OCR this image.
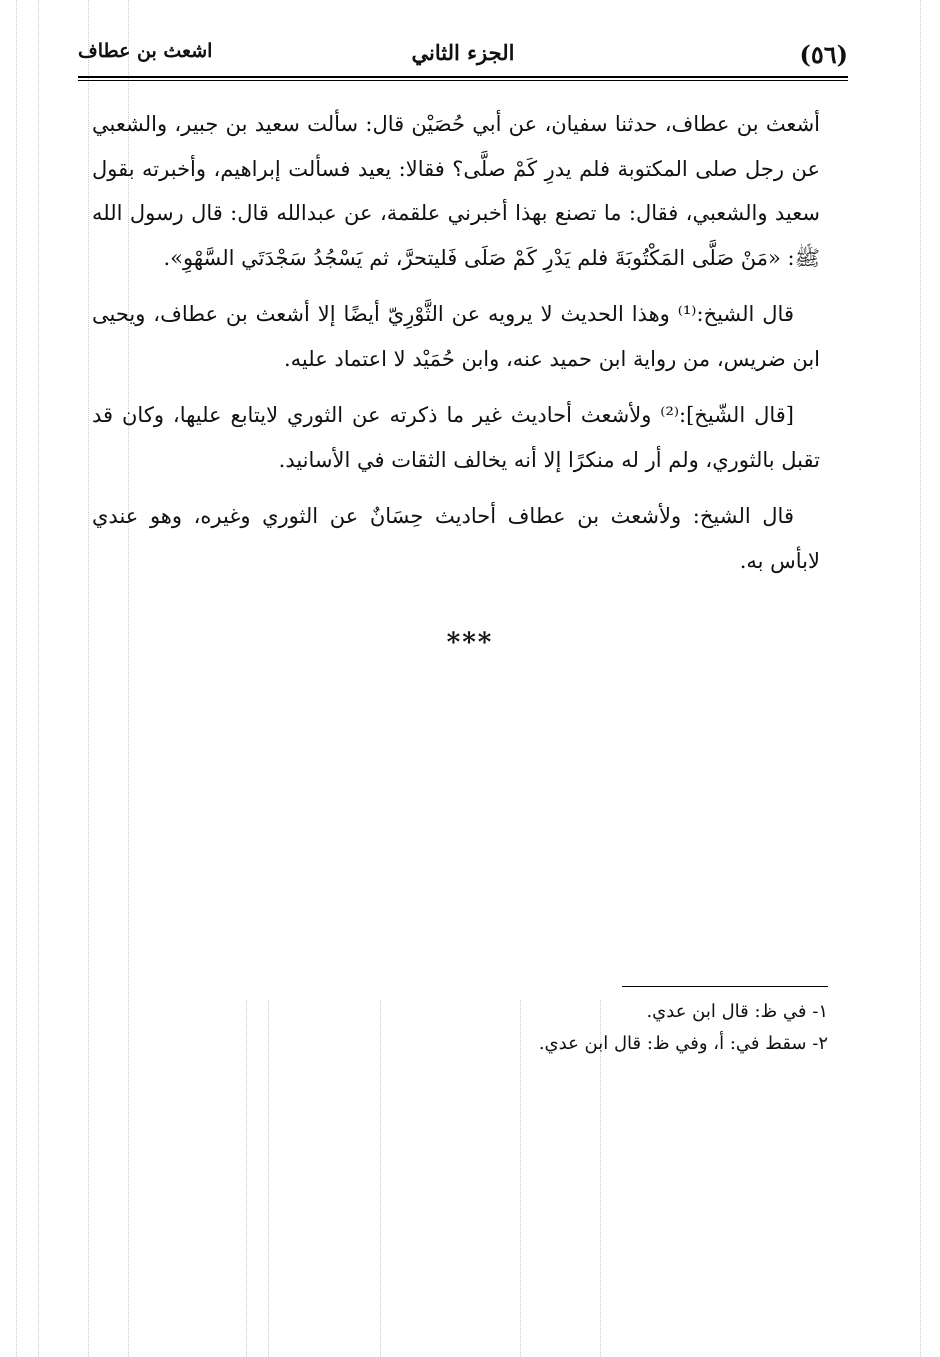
(٥٦)
الجزء الثاني
اشعث بن عطاف

أشعث بن عطاف، حدثنا سفيان، عن أبي حُصَيْن قال: سألت سعيد بن جبير، والشعبي عن رجل صلى المكتوبة فلم يدرِ كَمْ صلَّى؟ فقالا: يعيد فسألت إبراهيم، وأخبرته بقول سعيد والشعبي، فقال: ما تصنع بهذا أخبرني علقمة، عن عبدالله قال: قال رسول الله ﷺ: «مَنْ صَلَّى المَكْتُوبَةَ فلم يَدْرِ كَمْ صَلَى فَليتحرَّ، ثم يَسْجُدُ سَجْدَتَي السَّهْوِ».

قال الشيخ:⁽¹⁾ وهذا الحديث لا يرويه عن الثَّوْرِيّ أيضًا إلا أشعث بن عطاف، ويحيى ابن ضريس، من رواية ابن حميد عنه، وابن حُمَيْد لا اعتماد عليه.

[قال الشّيخ]:⁽²⁾ ولأشعث أحاديث غير ما ذكرته عن الثوري لايتابع عليها، وكان قد تقبل بالثوري، ولم أر له منكرًا إلا أنه يخالف الثقات في الأسانيد.

قال الشيخ: ولأشعث بن عطاف أحاديث حِسَانٌ عن الثوري وغيره، وهو عندي لابأس به.

***
١- في ظ: قال ابن عدي.
٢- سقط في: أ، وفي ظ: قال ابن عدي.
